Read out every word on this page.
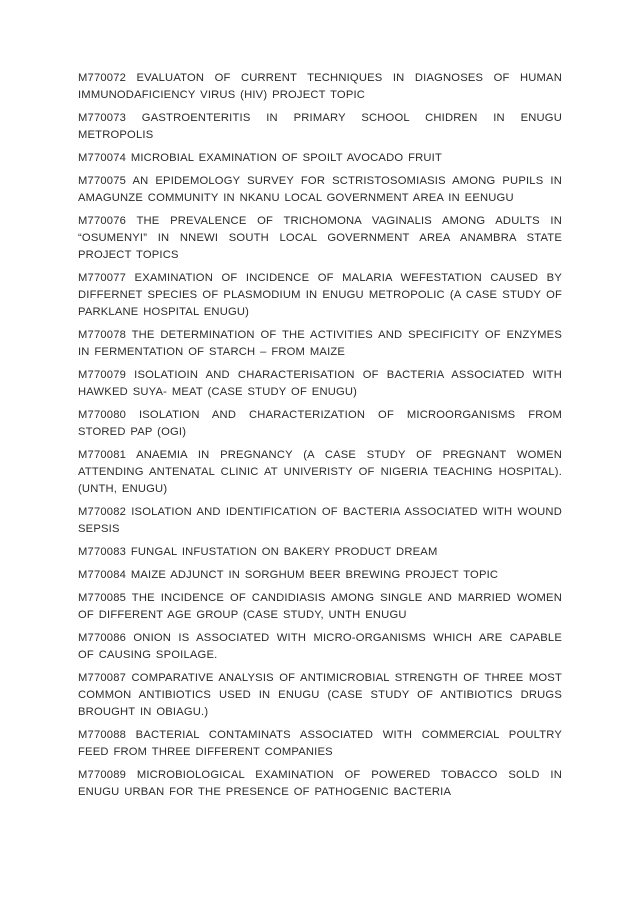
M770072 EVALUATON OF CURRENT TECHNIQUES IN DIAGNOSES OF HUMAN IMMUNODAFICIENCY VIRUS (HIV) PROJECT TOPIC

M770073 GASTROENTERITIS IN PRIMARY SCHOOL CHIDREN IN ENUGU METROPOLIS

M770074 MICROBIAL EXAMINATION OF SPOILT AVOCADO FRUIT

M770075 AN EPIDEMOLOGY SURVEY FOR SCTRISTOSOMIASIS AMONG PUPILS IN AMAGUNZE COMMUNITY IN NKANU LOCAL GOVERNMENT AREA IN EENUGU

M770076 THE PREVALENCE OF TRICHOMONA VAGINALIS AMONG ADULTS IN “OSUMENYI” IN NNEWI SOUTH LOCAL GOVERNMENT AREA ANAMBRA STATE PROJECT TOPICS

M770077 EXAMINATION OF INCIDENCE OF MALARIA WEFESTATION CAUSED BY DIFFERNET SPECIES OF PLASMODIUM IN ENUGU METROPOLIC (A CASE STUDY OF PARKLANE HOSPITAL ENUGU)

M770078 THE DETERMINATION OF THE ACTIVITIES AND SPECIFICITY OF ENZYMES IN FERMENTATION OF STARCH – FROM MAIZE

M770079 ISOLATIOIN AND CHARACTERISATION OF BACTERIA ASSOCIATED WITH HAWKED SUYA- MEAT (CASE STUDY OF ENUGU)

M770080 ISOLATION AND CHARACTERIZATION OF MICROORGANISMS FROM STORED PAP (OGI)

M770081 ANAEMIA IN PREGNANCY (A CASE STUDY OF PREGNANT WOMEN ATTENDING ANTENATAL CLINIC AT UNIVERISTY OF NIGERIA TEACHING HOSPITAL). (UNTH, ENUGU)

M770082 ISOLATION AND IDENTIFICATION OF BACTERIA ASSOCIATED WITH WOUND SEPSIS

M770083 FUNGAL INFUSTATION ON BAKERY PRODUCT DREAM

M770084 MAIZE ADJUNCT IN SORGHUM BEER BREWING PROJECT TOPIC

M770085 THE INCIDENCE OF CANDIDIASIS AMONG SINGLE AND MARRIED WOMEN OF DIFFERENT AGE GROUP (CASE STUDY, UNTH ENUGU

M770086 ONION IS ASSOCIATED WITH MICRO-ORGANISMS WHICH ARE CAPABLE OF CAUSING SPOILAGE.

M770087 COMPARATIVE ANALYSIS OF ANTIMICROBIAL STRENGTH OF THREE MOST COMMON ANTIBIOTICS USED IN ENUGU (CASE STUDY OF ANTIBIOTICS DRUGS BROUGHT IN OBIAGU.)

M770088 BACTERIAL CONTAMINATS ASSOCIATED WITH COMMERCIAL POULTRY FEED FROM THREE DIFFERENT COMPANIES

M770089 MICROBIOLOGICAL EXAMINATION OF POWERED TOBACCO SOLD IN ENUGU URBAN FOR THE PRESENCE OF PATHOGENIC BACTERIA
